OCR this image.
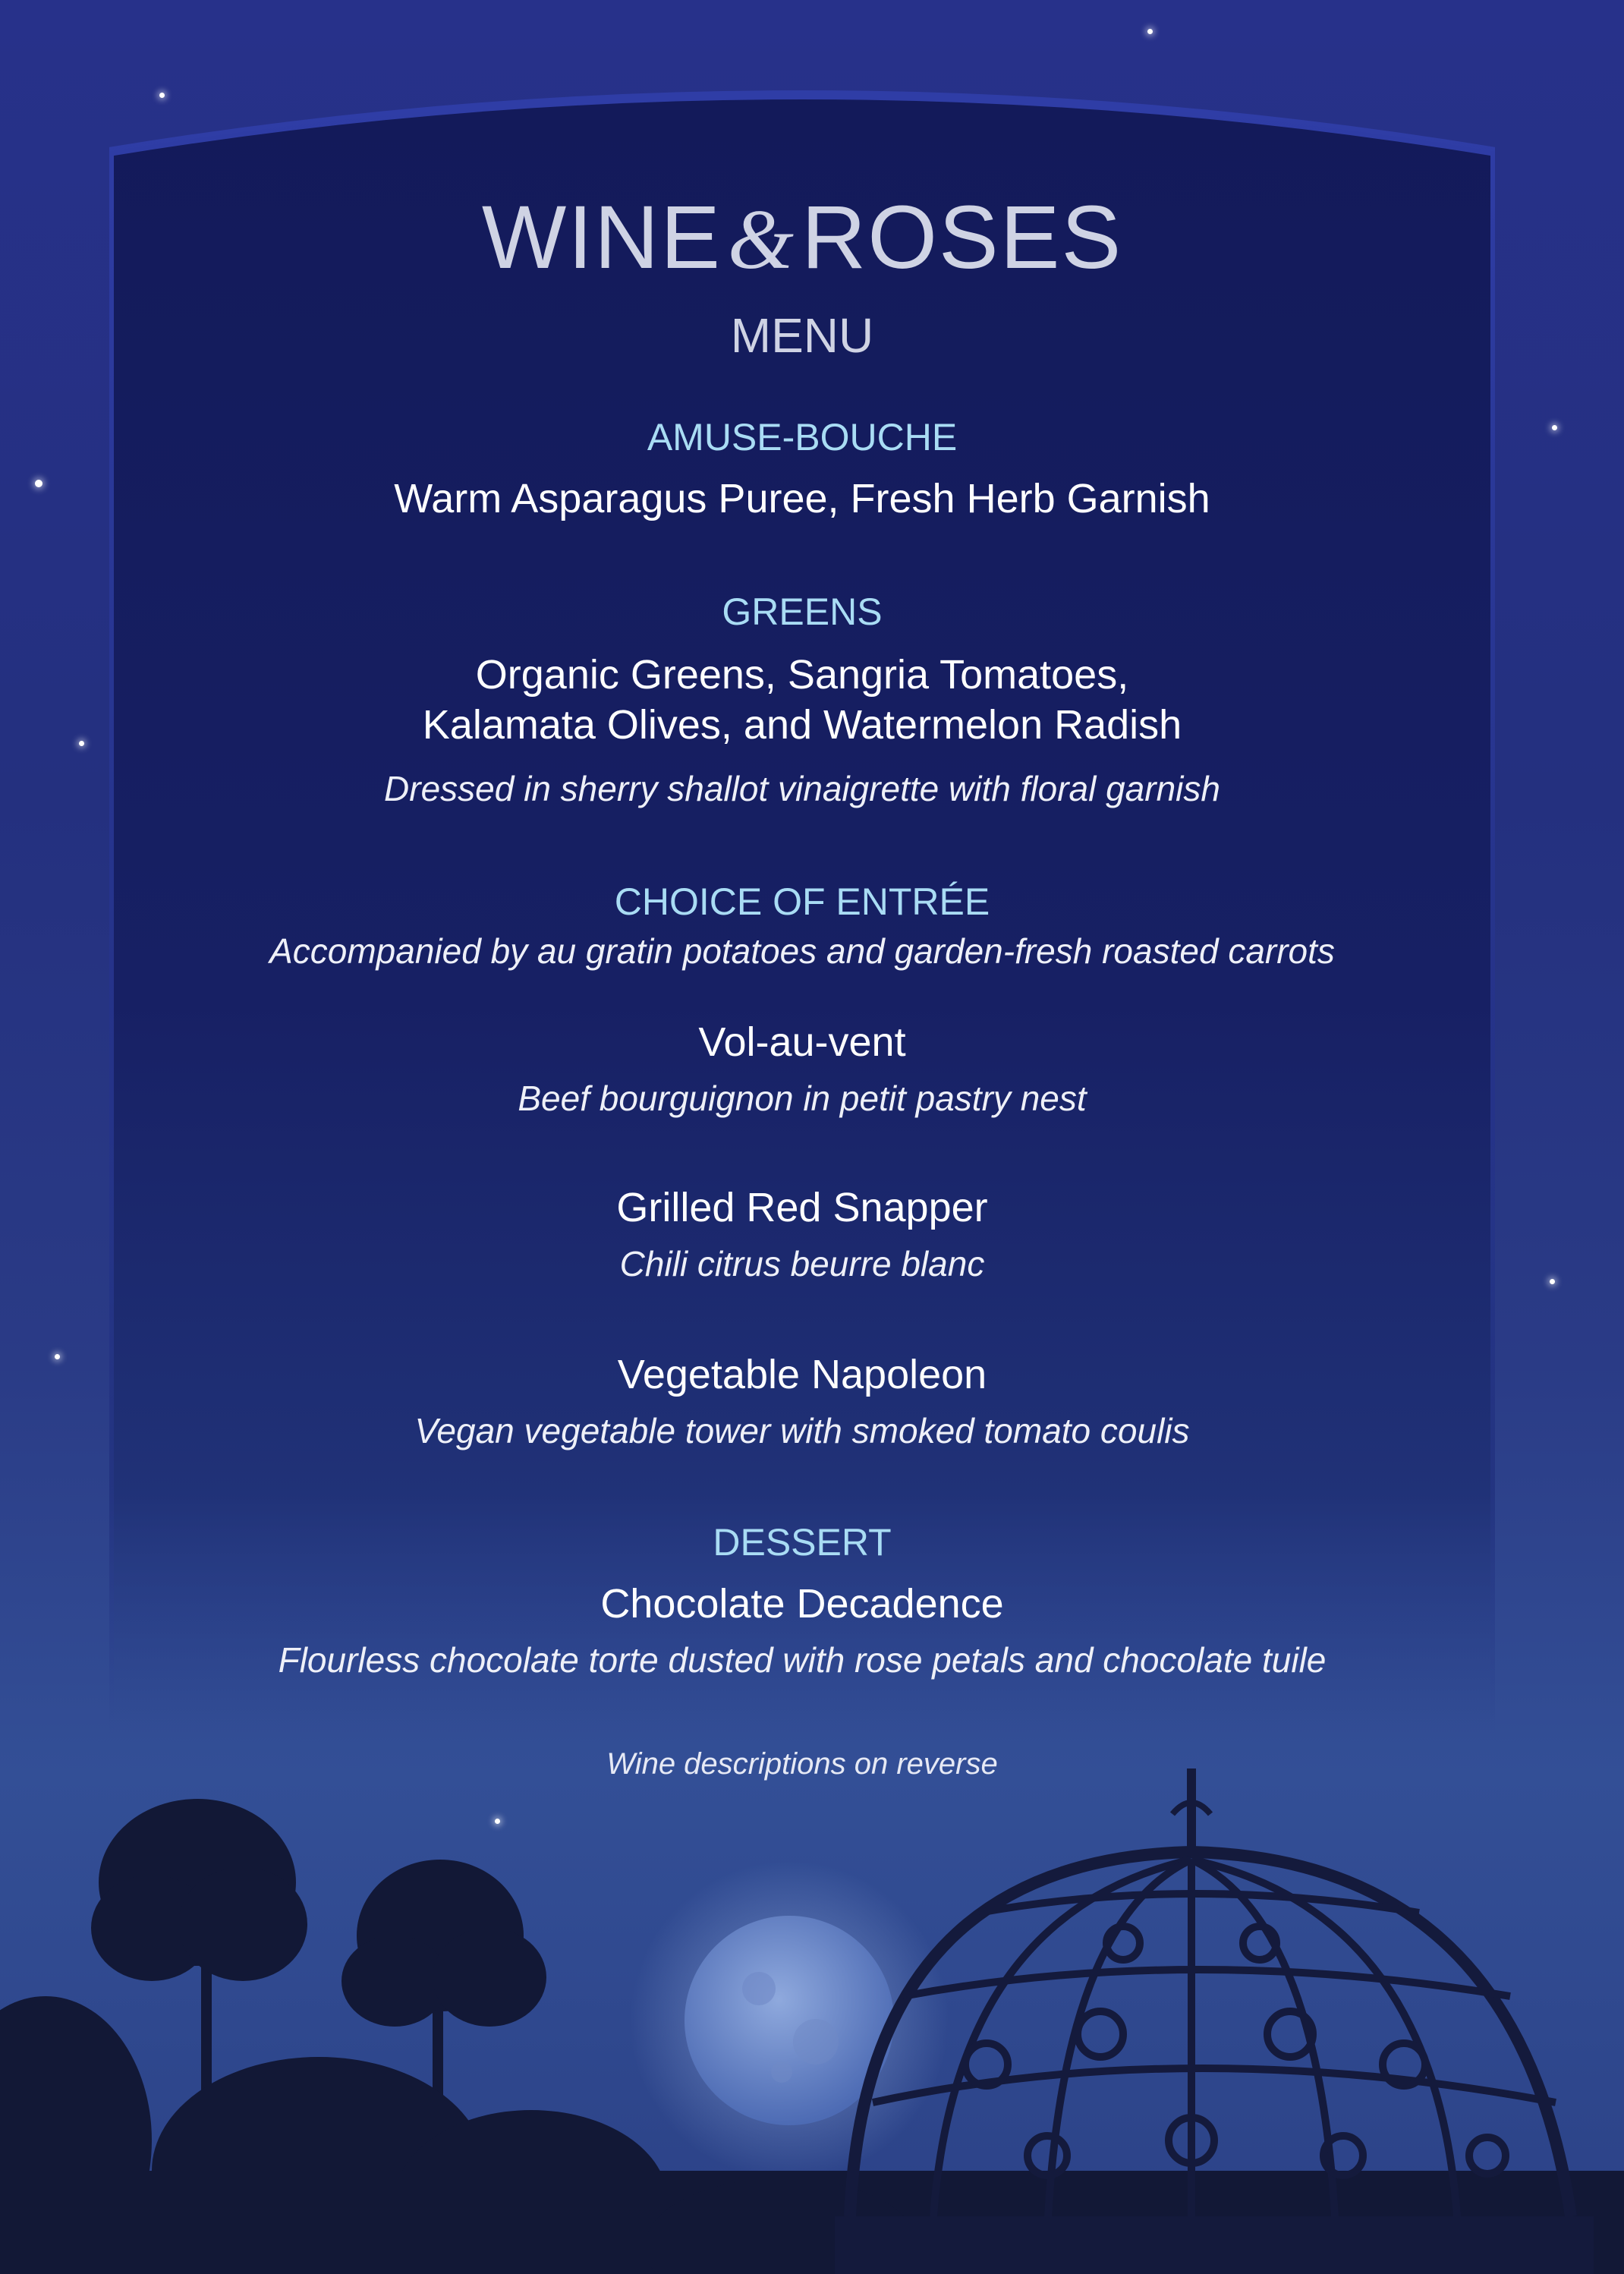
WINE&ROSES
MENU
AMUSE-BOUCHE
Warm Asparagus Puree, Fresh Herb Garnish
GREENS
Organic Greens, Sangria Tomatoes,
Kalamata Olives, and Watermelon Radish
Dressed in sherry shallot vinaigrette with floral garnish
CHOICE OF ENTRÉE
Accompanied by au gratin potatoes and garden-fresh roasted carrots
Vol-au-vent
Beef bourguignon in petit pastry nest
Grilled Red Snapper
Chili citrus beurre blanc
Vegetable Napoleon
Vegan vegetable tower with smoked tomato coulis
DESSERT
Chocolate Decadence
Flourless chocolate torte dusted with rose petals and chocolate tuile
Wine descriptions on reverse
